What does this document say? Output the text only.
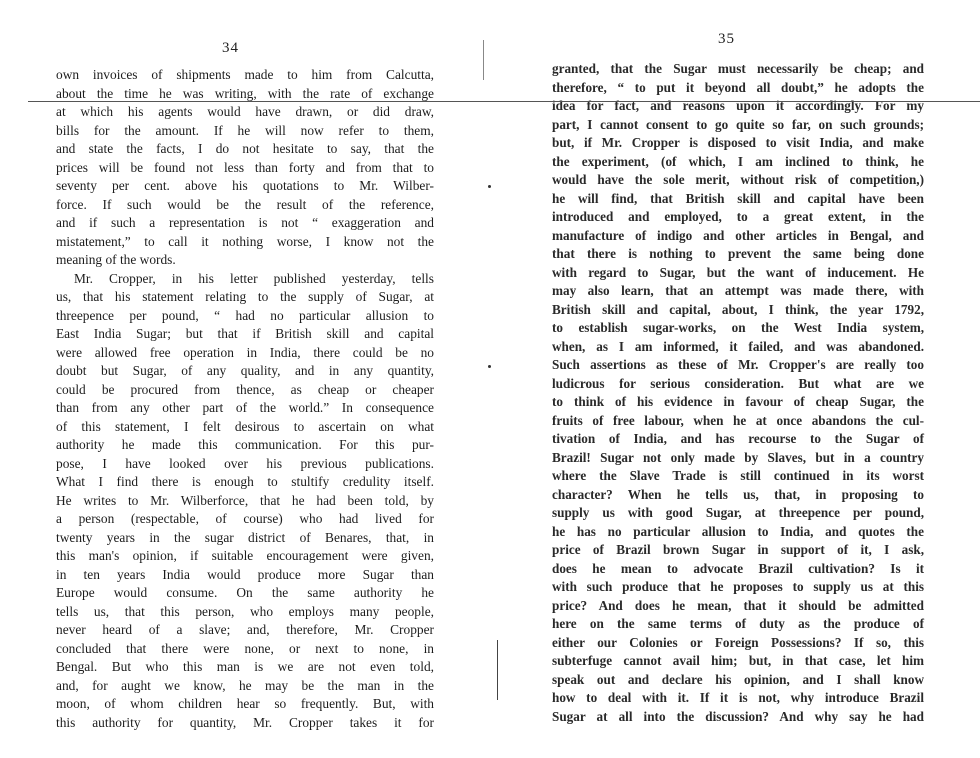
34
own invoices of shipments made to him from Calcutta,
about the time he was writing, with the rate of exchange
at which his agents would have drawn, or did draw,
bills for the amount. If he will now refer to them,
and state the facts, I do not hesitate to say, that the
prices will be found not less than forty and from that to
seventy per cent. above his quotations to Mr. Wilber-
force. If such would be the result of the reference,
and if such a representation is not “ exaggeration and
mistatement,” to call it nothing worse, I know not the
meaning of the words.
Mr. Cropper, in his letter published yesterday, tells
us, that his statement relating to the supply of Sugar, at
threepence per pound, “ had no particular allusion to
East India Sugar; but that if British skill and capital
were allowed free operation in India, there could be no
doubt but Sugar, of any quality, and in any quantity,
could be procured from thence, as cheap or cheaper
than from any other part of the world.” In consequence
of this statement, I felt desirous to ascertain on what
authority he made this communication. For this pur-
pose, I have looked over his previous publications.
What I find there is enough to stultify credulity itself.
He writes to Mr. Wilberforce, that he had been told, by
a person (respectable, of course) who had lived for
twenty years in the sugar district of Benares, that, in
this man's opinion, if suitable encouragement were given,
in ten years India would produce more Sugar than
Europe would consume. On the same authority he
tells us, that this person, who employs many people,
never heard of a slave; and, therefore, Mr. Cropper
concluded that there were none, or next to none, in
Bengal. But who this man is we are not even told,
and, for aught we know, he may be the man in the
moon, of whom children hear so frequently. But, with
this authority for quantity, Mr. Cropper takes it for
35
granted, that the Sugar must necessarily be cheap; and
therefore, “ to put it beyond all doubt,” he adopts the
idea for fact, and reasons upon it accordingly. For my
part, I cannot consent to go quite so far, on such grounds;
but, if Mr. Cropper is disposed to visit India, and make
the experiment, (of which, I am inclined to think, he
would have the sole merit, without risk of competition,)
he will find, that British skill and capital have been
introduced and employed, to a great extent, in the
manufacture of indigo and other articles in Bengal, and
that there is nothing to prevent the same being done
with regard to Sugar, but the want of inducement. He
may also learn, that an attempt was made there, with
British skill and capital, about, I think, the year 1792,
to establish sugar-works, on the West India system,
when, as I am informed, it failed, and was abandoned.
Such assertions as these of Mr. Cropper's are really too
ludicrous for serious consideration. But what are we
to think of his evidence in favour of cheap Sugar, the
fruits of free labour, when he at once abandons the cul-
tivation of India, and has recourse to the Sugar of
Brazil! Sugar not only made by Slaves, but in a country
where the Slave Trade is still continued in its worst
character? When he tells us, that, in proposing to
supply us with good Sugar, at threepence per pound,
he has no particular allusion to India, and quotes the
price of Brazil brown Sugar in support of it, I ask,
does he mean to advocate Brazil cultivation? Is it
with such produce that he proposes to supply us at this
price? And does he mean, that it should be admitted
here on the same terms of duty as the produce of
either our Colonies or Foreign Possessions? If so, this
subterfuge cannot avail him; but, in that case, let him
speak out and declare his opinion, and I shall know
how to deal with it. If it is not, why introduce Brazil
Sugar at all into the discussion? And why say he had
